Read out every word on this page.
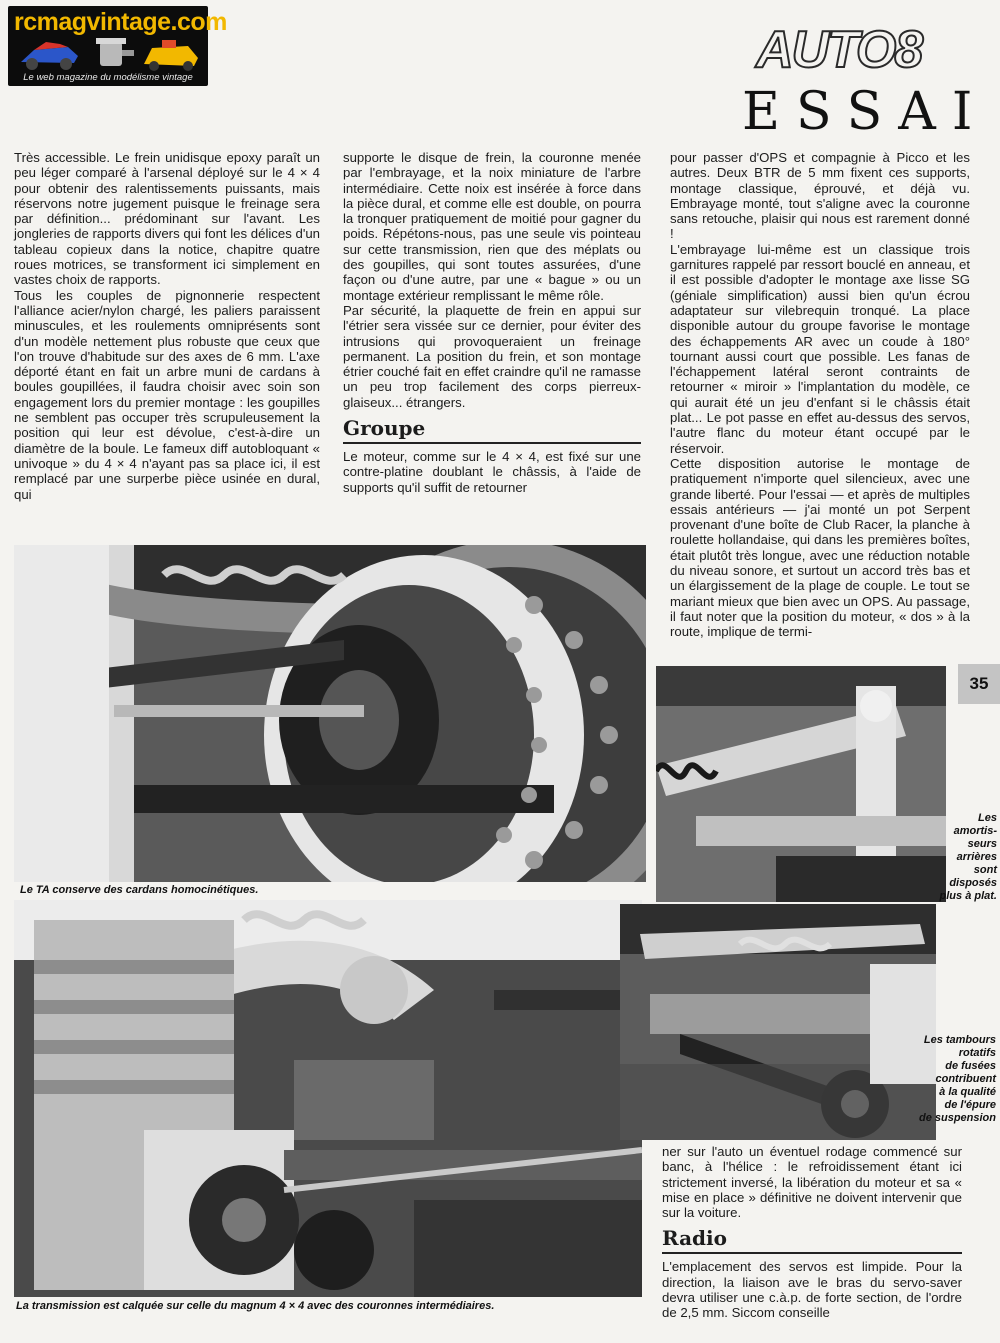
rcmagvintage.com
Le web magazine du modélisme vintage	AUTO8
ESSAI

Très accessible. Le frein unidisque epoxy paraît un peu léger comparé à l'arsenal déployé sur le 4 × 4 pour obtenir des ralentissements puissants, mais réservons notre jugement puisque le freinage sera par définition... prédominant sur l'avant. Les jongleries de rapports divers qui font les délices d'un tableau copieux dans la notice, chapitre quatre roues motrices, se transforment ici simplement en vastes choix de rapports.

Tous les couples de pignonnerie respectent l'alliance acier/nylon chargé, les paliers paraissent minuscules, et les roulements omniprésents sont d'un modèle nettement plus robuste que ceux que l'on trouve d'habitude sur des axes de 6 mm. L'axe déporté étant en fait un arbre muni de cardans à boules goupillées, il faudra choisir avec soin son engagement lors du premier montage : les goupilles ne semblent pas occuper très scrupuleusement la position qui leur est dévolue, c'est-à-dire un diamètre de la boule. Le fameux diff autobloquant « univoque » du 4 × 4 n'ayant pas sa place ici, il est remplacé par une surperbe pièce usinée en dural, qui

supporte le disque de frein, la couronne menée par l'embrayage, et la noix miniature de l'arbre intermédiaire. Cette noix est insérée à force dans la pièce dural, et comme elle est double, on pourra la tronquer pratiquement de moitié pour gagner du poids. Répétons-nous, pas une seule vis pointeau sur cette transmission, rien que des méplats ou des goupilles, qui sont toutes assurées, d'une façon ou d'une autre, par une « bague » ou un montage extérieur remplissant le même rôle.

Par sécurité, la plaquette de frein en appui sur l'étrier sera vissée sur ce dernier, pour éviter des intrusions qui provoqueraient un freinage permanent. La position du frein, et son montage étrier couché fait en effet craindre qu'il ne ramasse un peu trop facilement des corps pierreux-glaiseux... étrangers.

Groupe

Le moteur, comme sur le 4 × 4, est fixé sur une contre-platine doublant le châssis, à l'aide de supports qu'il suffit de retourner

pour passer d'OPS et compagnie à Picco et les autres. Deux BTR de 5 mm fixent ces supports, montage classique, éprouvé, et déjà vu. Embrayage monté, tout s'aligne avec la couronne sans retouche, plaisir qui nous est rarement donné !

L'embrayage lui-même est un classique trois garnitures rappelé par ressort bouclé en anneau, et il est possible d'adopter le montage axe lisse SG (géniale simplification) aussi bien qu'un écrou adaptateur sur vilebrequin tronqué. La place disponible autour du groupe favorise le montage des échappements AR avec un coude à 180° tournant aussi court que possible. Les fanas de l'échappement latéral seront contraints de retourner « miroir » l'implantation du modèle, ce qui aurait été un jeu d'enfant si le châssis était plat... Le pot passe en effet au-dessus des servos, l'autre flanc du moteur étant occupé par le réservoir.

Cette disposition autorise le montage de pratiquement n'importe quel silencieux, avec une grande liberté. Pour l'essai — et après de multiples essais antérieurs — j'ai monté un pot Serpent provenant d'une boîte de Club Racer, la planche à roulette hollandaise, qui dans les premières boîtes, était plutôt très longue, avec une réduction notable du niveau sonore, et surtout un accord très bas et un élargissement de la plage de couple. Le tout se mariant mieux que bien avec un OPS. Au passage, il faut noter que la position du moteur, « dos » à la route, implique de termi-

35
Le TA conserve des cardans homocinétiques.
La transmission est calquée sur celle du magnum 4 × 4 avec des couronnes intermédiaires.
Les
amortis-
seurs
arrières
sont
disposés
plus à plat.
Les tambours
rotatifs
de fusées
contribuent
à la qualité
de l'épure
de suspension

ner sur l'auto un éventuel rodage commencé sur banc, à l'hélice : le refroidissement étant ici strictement inversé, la libération du moteur et sa « mise en place » définitive ne doivent intervenir que sur la voiture.

Radio

L'emplacement des servos est limpide. Pour la direction, la liaison ave le bras du servo-saver devra utiliser une c.à.p. de forte section, de l'ordre de 2,5 mm. Siccom conseille
